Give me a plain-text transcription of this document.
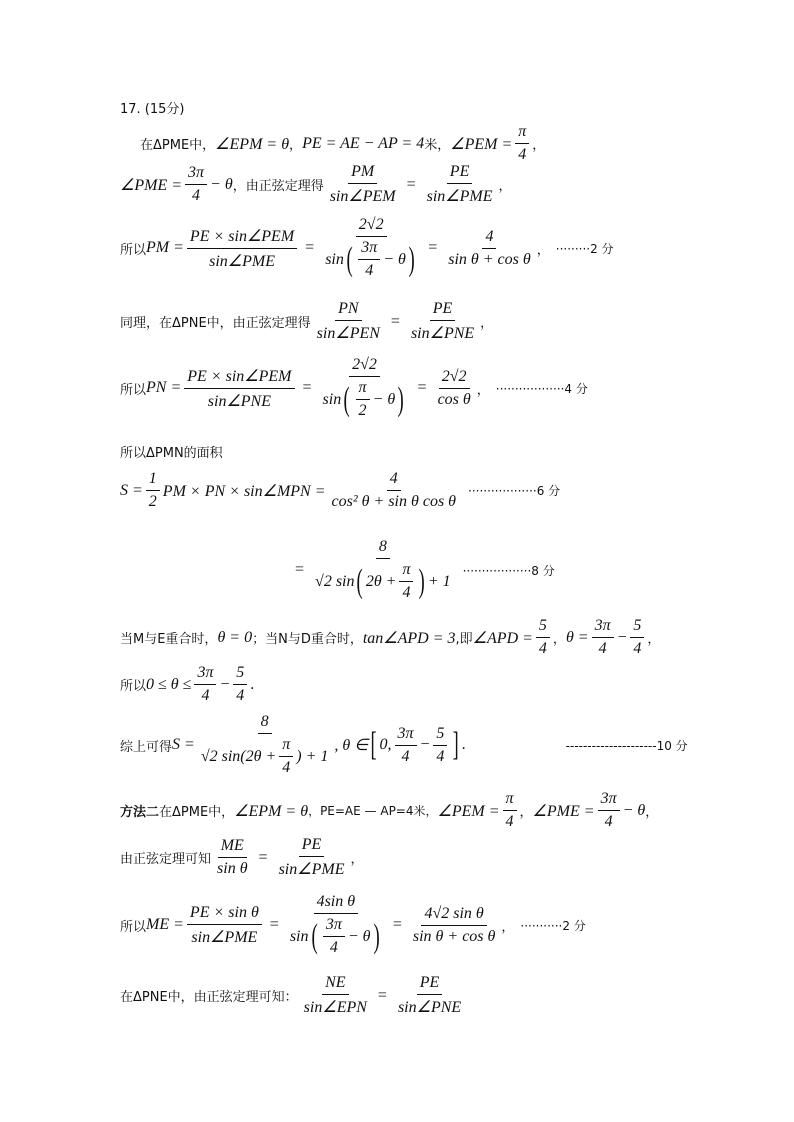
17. (15分)
在ΔPME中， ∠EPM = θ ， PE = AE − AP = 4 米， ∠PEM = $\frac{\pi}{4}$ ，
∠PME = $\frac{3\pi}{4} - \theta$ ，由正弦定理得 $\frac{PM}{\text{sin∠PEM}} = \frac{PE}{\text{sin∠PME}}$ ，
所以 PM = $\frac{\text{PE × sin∠PEM}}{\text{sin∠PME}} = \frac{2√2}{\sin ( \frac{3\pi}{4} - \theta )} = \frac{4}{\text{sin θ + cos θ}}$ ， ·········2 分
同理，在ΔPNE中，由正弦定理得 $\frac{PN}{\text{sin∠PEN}} = \frac{PE}{\text{sin∠PNE}}$ ，
所以 PN = $\frac{\text{PE × sin∠PEM}}{\text{sin∠PNE}} = \frac{2√2}{\sin ( \frac{\pi}{2} - \theta )} = \frac{2√2}{\text{cos θ}}$ ， ··················4 分
所以ΔPMN的面积
$S = \frac{1}{2}$ PM × PN × sin∠MPN = $\frac{4}{\text{cos² θ + sin θ cos θ}} \cdot\cdot\cdot\cdot\cdot\cdot\cdot\cdot\cdot\cdot\cdot\cdot\cdot\cdot\cdot\cdot\cdot\cdot 6$ 分
= $\frac{8}{√2 \sin ( 2\theta + \frac{\pi}{4} ) + 1} \cdot\cdot\cdot\cdot\cdot\cdot\cdot\cdot\cdot\cdot\cdot\cdot\cdot\cdot\cdot\cdot\cdot\cdot 8$ 分
当M与E重合时， θ = 0 ；当N与D重合时， tan∠APD = 3 ,即 ∠APD = $\frac{5}{4}$ ， $\theta = \frac{3\pi}{4} - \frac{5}{4}$ ，
所以 $0 \le \theta \le \frac{3\pi}{4} - \frac{5}{4}$ .
综上可得 $S = \frac{8}{√2 \sin(2\theta + \frac{\pi}{4} ) + 1}$ , θ ∈ [ 0, $\frac{3\pi}{4} - \frac{5}{4}$ ] .	---------------------10 分
方法二 在ΔPME中， ∠EPM = θ ，PE=AE — AP=4米， ∠PEM = $\frac{\pi}{4}$ ， ∠PME = $\frac{3\pi}{4} - \theta$ ，
由正弦定理可知 $\frac{ME}{\text{sin θ}} = \frac{PE}{\text{sin∠PME}}$ ，
所以 ME = $\frac{\text{PE × sin θ}}{\text{sin∠PME}} = \frac{\text{4sin θ}}{\sin ( \frac{3\pi}{4} - \theta )} = \frac{\text{4√2 sin θ}}{\text{sin θ + cos θ}}$ ， ···········2 分
在ΔPNE中，由正弦定理可知： $\frac{NE}{\text{sin∠EPN}} = \frac{PE}{\text{sin∠PNE}}$
